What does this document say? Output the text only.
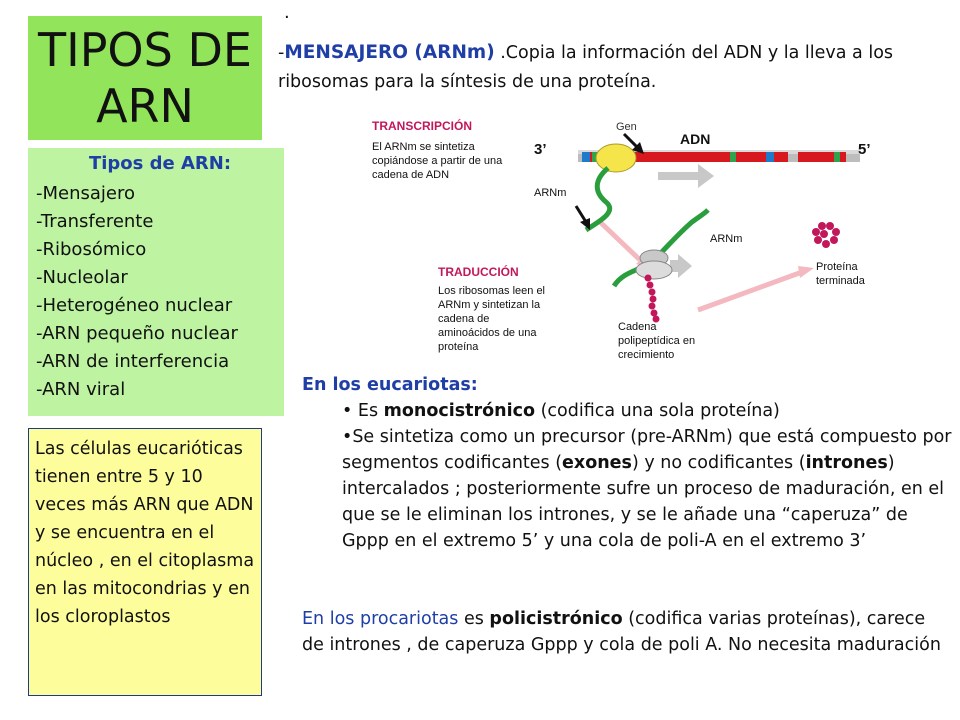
TIPOS DE
ARN
Tipos de ARN:
-Mensajero
-Transferente
-Ribosómico
-Nucleolar
-Heterogéneo nuclear
-ARN pequeño nuclear
-ARN de interferencia
-ARN viral
Las células eucarióticas tienen entre 5 y 10 veces más ARN que ADN y se encuentra en el núcleo , en el citoplasma en las mitocondrias y en los cloroplastos
.
-MENSAJERO (ARNm) .Copia la información del ADN y la lleva a los ribosomas para la síntesis de una proteína.
TRANSCRIPCIÓN
El ARNm se sintetiza
copiándose a partir de una
cadena de ADN
Gen
ADN
3’	5’
ARNm
ARNm
TRADUCCIÓN
Los ribosomas leen el
ARNm y sintetizan la
cadena de
aminoácidos de una
proteína
Cadena
polipeptídica en
crecimiento
Proteína
terminada
En los eucariotas:
• Es monocistrónico (codifica una sola proteína)
•Se sintetiza como un precursor (pre-ARNm) que está compuesto por segmentos codificantes (exones) y no codificantes (intrones) intercalados ; posteriormente sufre un proceso de maduración, en el que se le eliminan los intrones, y se le añade una “caperuza” de Gppp en el extremo 5’ y una cola de poli-A en el extremo 3’
En los procariotas es policistrónico (codifica varias proteínas), carece de intrones , de caperuza Gppp y cola de poli A. No necesita maduración
